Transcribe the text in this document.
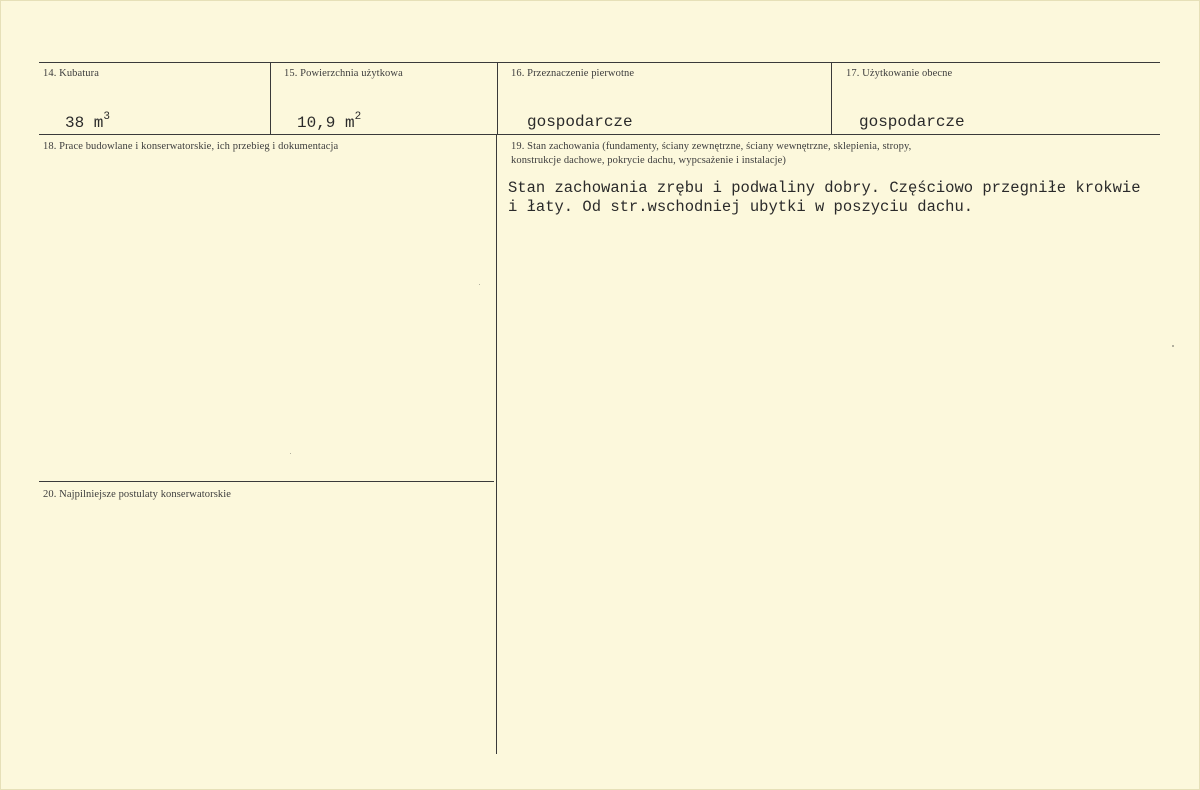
14. Kubatura
38 $m^3$
15. Powierzchnia użytkowa
10,9 $m^2$
16. Przeznaczenie pierwotne
gospodarcze
17. Użytkowanie obecne
gospodarcze
18. Prace budowlane i konserwatorskie, ich przebieg i dokumentacja	19. Stan zachowania (fundamenty, ściany zewnętrzne, ściany wewnętrzne, sklepienia, stropy,
konstrukcje dachowe, pokrycie dachu, wypcsażenie i instalacje)
Stan zachowania zrębu i podwaliny dobry. Częściowo przegniłe krokwie
i łaty. Od str.wschodniej ubytki w poszyciu dachu.
20. Najpilniejsze postulaty konserwatorskie
